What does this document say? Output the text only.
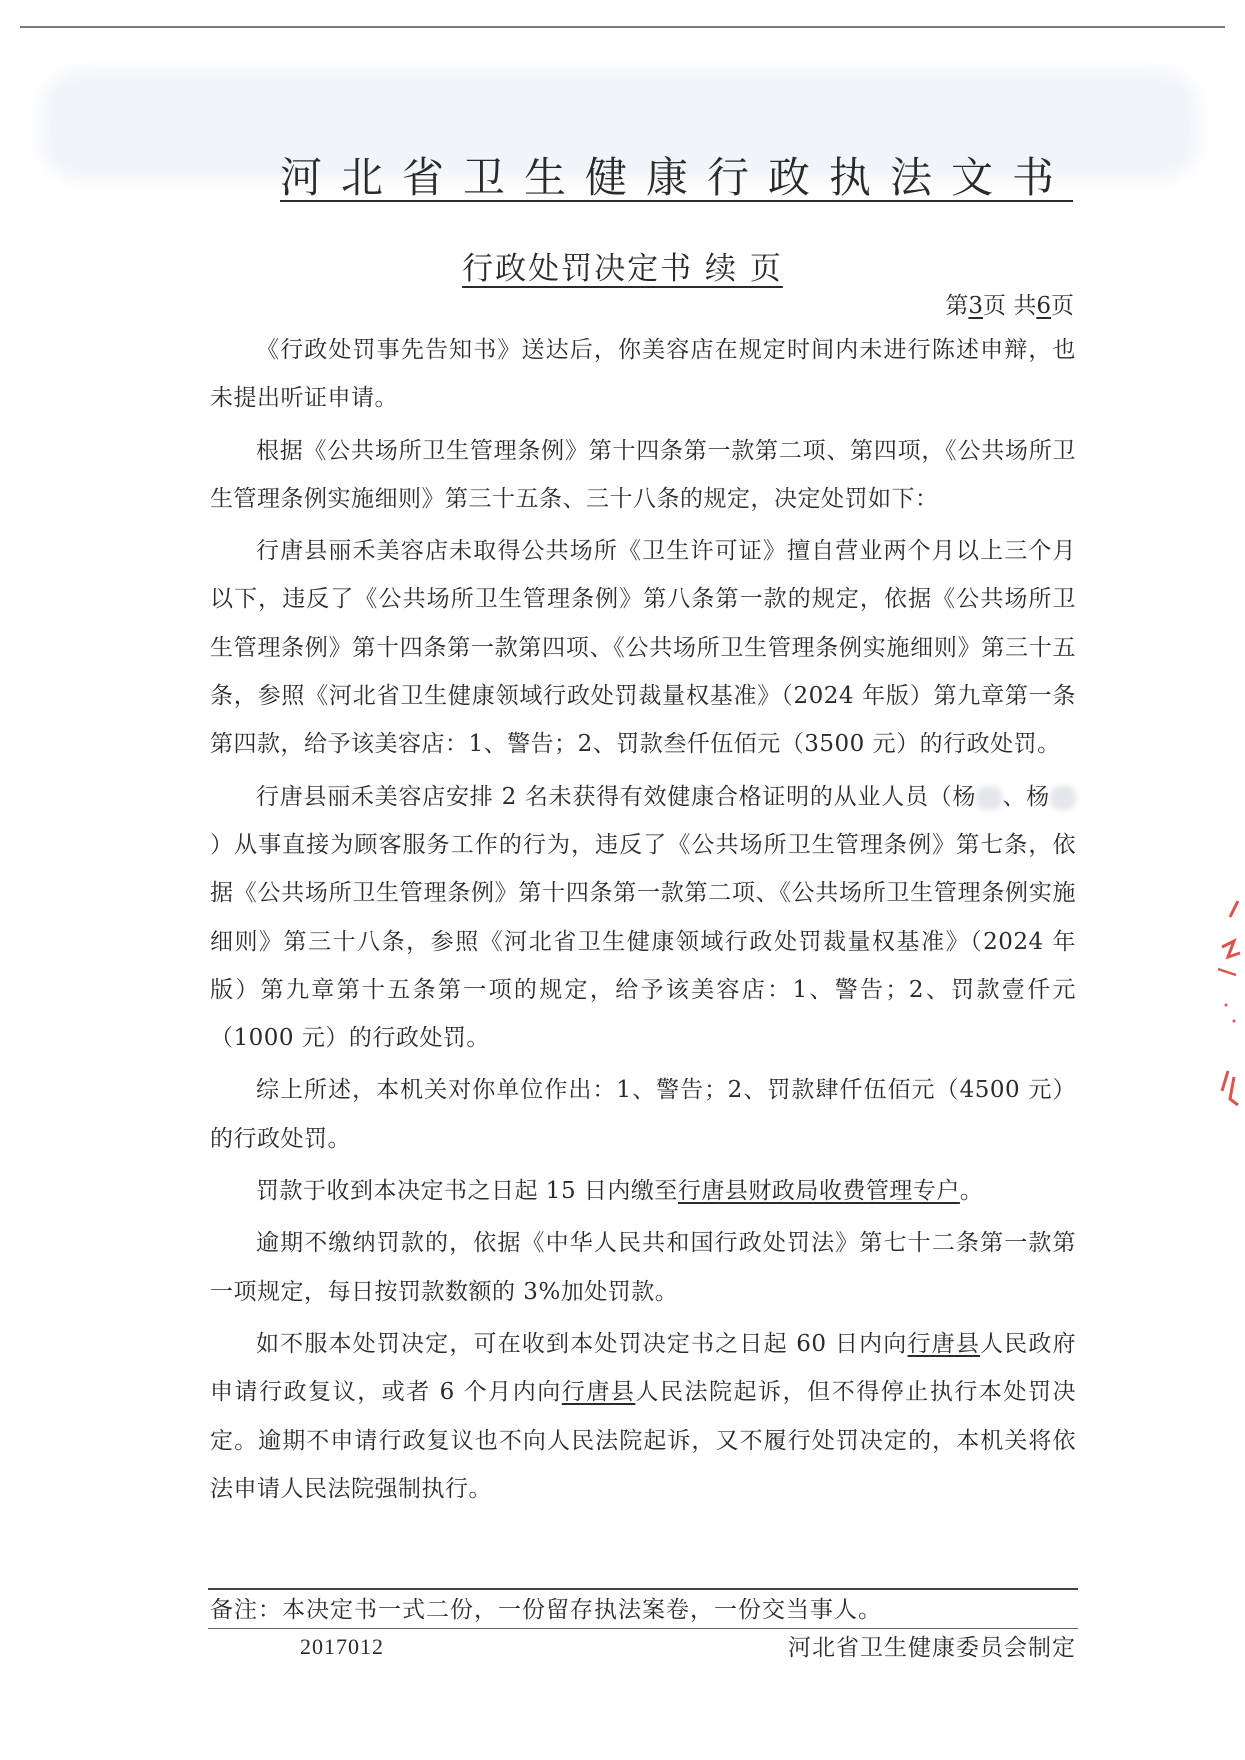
河北省卫生健康行政执法文书
行政处罚决定书 续 页
第3页 共6页

《行政处罚事先告知书》送达后，你美容店在规定时间内未进行陈述申辩，也未提出听证申请。

根据《公共场所卫生管理条例》第十四条第一款第二项、第四项，《公共场所卫生管理条例实施细则》第三十五条、三十八条的规定，决定处罚如下：

行唐县丽禾美容店未取得公共场所《卫生许可证》擅自营业两个月以上三个月以下，违反了《公共场所卫生管理条例》第八条第一款的规定，依据《公共场所卫生管理条例》第十四条第一款第四项、《公共场所卫生管理条例实施细则》第三十五条，参照《河北省卫生健康领域行政处罚裁量权基准》（2024 年版）第九章第一条第四款，给予该美容店：1、警告；2、罚款叁仟伍佰元（3500 元）的行政处罚。

行唐县丽禾美容店安排 2 名未获得有效健康合格证明的从业人员（杨 、杨）从事直接为顾客服务工作的行为，违反了《公共场所卫生管理条例》第七条，依据《公共场所卫生管理条例》第十四条第一款第二项、《公共场所卫生管理条例实施细则》第三十八条，参照《河北省卫生健康领域行政处罚裁量权基准》（2024 年版）第九章第十五条第一项的规定，给予该美容店：1、警告；2、罚款壹仟元（1000 元）的行政处罚。

综上所述，本机关对你单位作出：1、警告；2、罚款肆仟伍佰元（4500 元）的行政处罚。

罚款于收到本决定书之日起 15 日内缴至行唐县财政局收费管理专户。

逾期不缴纳罚款的，依据《中华人民共和国行政处罚法》第七十二条第一款第一项规定，每日按罚款数额的 3%加处罚款。

如不服本处罚决定，可在收到本处罚决定书之日起 60 日内向行唐县人民政府申请行政复议，或者 6 个月内向行唐县人民法院起诉，但不得停止执行本处罚决定。逾期不申请行政复议也不向人民法院起诉，又不履行处罚决定的，本机关将依法申请人民法院强制执行。

备注：本决定书一式二份，一份留存执法案卷，一份交当事人。
2017012	河北省卫生健康委员会制定
